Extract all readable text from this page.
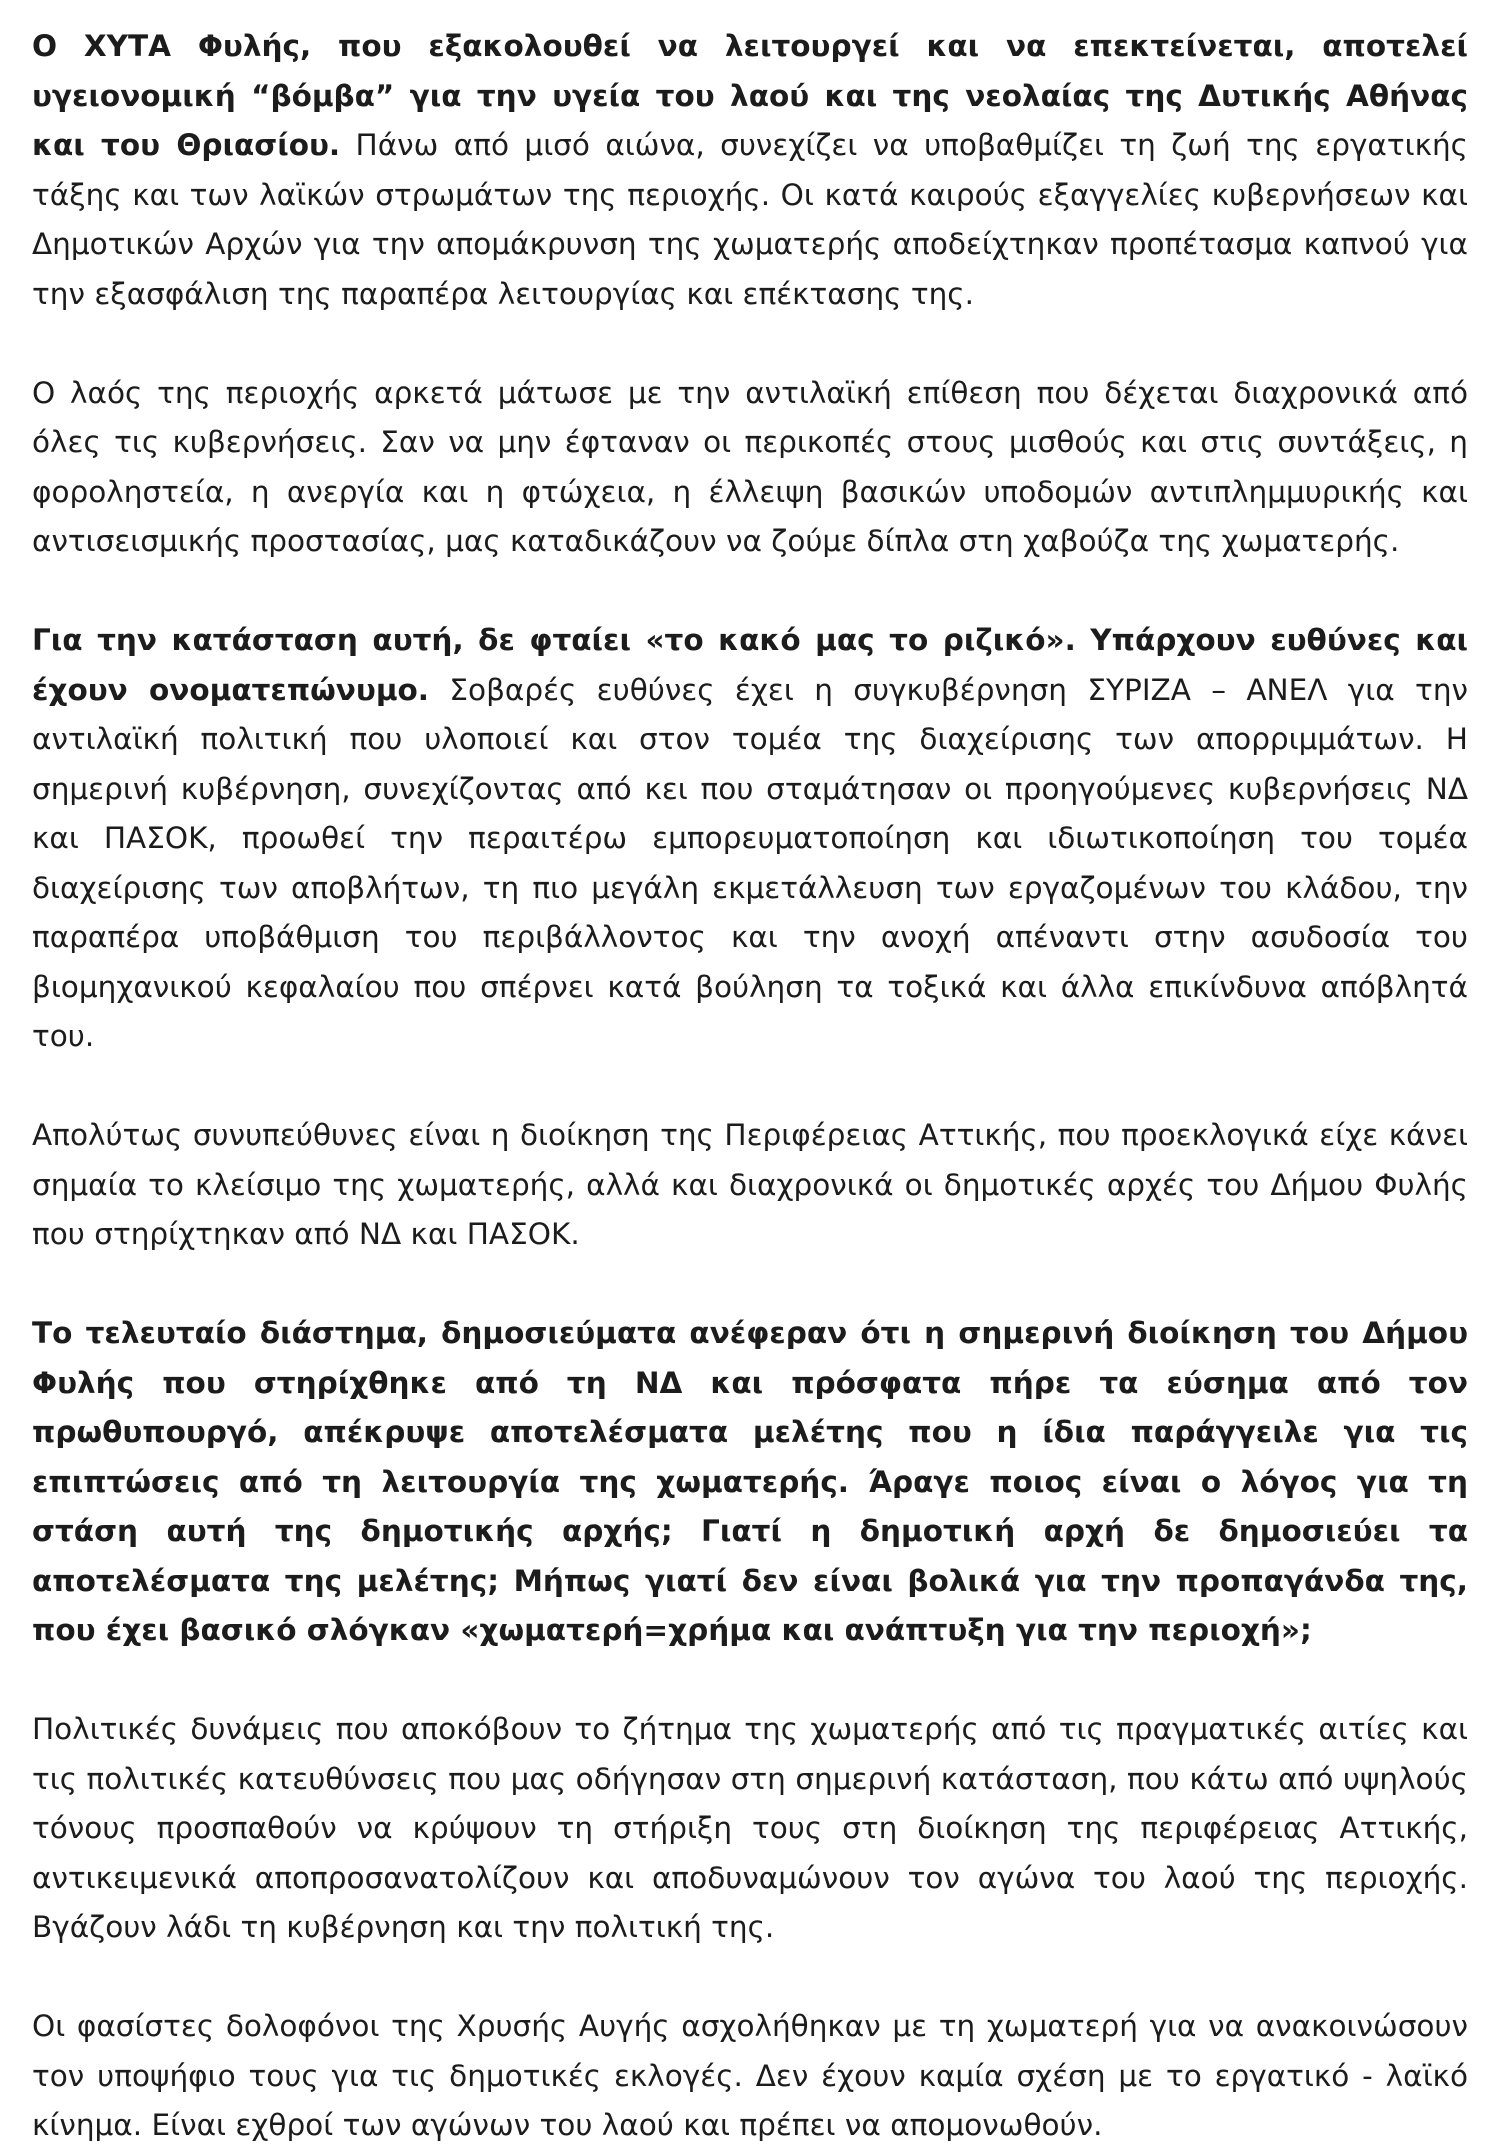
Ο ΧΥΤΑ Φυλής, που εξακολουθεί να λειτουργεί και να επεκτείνεται, αποτελεί υγειονομική “βόμβα” για την υγεία του λαού και της νεολαίας της Δυτικής Αθήνας και του Θριασίου. Πάνω από μισό αιώνα, συνεχίζει να υποβαθμίζει τη ζωή της εργατικής τάξης και των λαϊκών στρωμάτων της περιοχής. Οι κατά καιρούς εξαγγελίες κυβερνήσεων και Δημοτικών Αρχών για την απομάκρυνση της χωματερής αποδείχτηκαν προπέτασμα καπνού για την εξασφάλιση της παραπέρα λειτουργίας και επέκτασης της.

Ο λαός της περιοχής αρκετά μάτωσε με την αντιλαϊκή επίθεση που δέχεται διαχρονικά από όλες τις κυβερνήσεις. Σαν να μην έφταναν οι περικοπές στους μισθούς και στις συντάξεις, η φοροληστεία, η ανεργία και η φτώχεια, η έλλειψη βασικών υποδομών αντιπλημμυρικής και αντισεισμικής προστασίας, μας καταδικάζουν να ζούμε δίπλα στη χαβούζα της χωματερής.

Για την κατάσταση αυτή, δε φταίει «το κακό μας το ριζικό». Υπάρχουν ευθύνες και έχουν ονοματεπώνυμο. Σοβαρές ευθύνες έχει η συγκυβέρνηση ΣΥΡΙΖΑ – ΑΝΕΛ για την αντιλαϊκή πολιτική που υλοποιεί και στον τομέα της διαχείρισης των απορριμμάτων. Η σημερινή κυβέρνηση, συνεχίζοντας από κει που σταμάτησαν οι προηγούμενες κυβερνήσεις ΝΔ και ΠΑΣΟΚ, προωθεί την περαιτέρω εμπορευματοποίηση και ιδιωτικοποίηση του τομέα διαχείρισης των αποβλήτων, τη πιο μεγάλη εκμετάλλευση των εργαζομένων του κλάδου, την παραπέρα υποβάθμιση του περιβάλλοντος και την ανοχή απέναντι στην ασυδοσία του βιομηχανικού κεφαλαίου που σπέρνει κατά βούληση τα τοξικά και άλλα επικίνδυνα απόβλητά του.

Απολύτως συνυπεύθυνες είναι η διοίκηση της Περιφέρειας Αττικής, που προεκλογικά είχε κάνει σημαία το κλείσιμο της χωματερής, αλλά και διαχρονικά οι δημοτικές αρχές του Δήμου Φυλής που στηρίχτηκαν από ΝΔ και ΠΑΣΟΚ.

Το τελευταίο διάστημα, δημοσιεύματα ανέφεραν ότι η σημερινή διοίκηση του Δήμου Φυλής που στηρίχθηκε από τη ΝΔ και πρόσφατα πήρε τα εύσημα από τον πρωθυπουργό, απέκρυψε αποτελέσματα μελέτης που η ίδια παράγγειλε για τις επιπτώσεις από τη λειτουργία της χωματερής. Άραγε ποιος είναι ο λόγος για τη στάση αυτή της δημοτικής αρχής; Γιατί η δημοτική αρχή δε δημοσιεύει τα αποτελέσματα της μελέτης; Μήπως γιατί δεν είναι βολικά για την προπαγάνδα της, που έχει βασικό σλόγκαν «χωματερή=χρήμα και ανάπτυξη για την περιοχή»;

Πολιτικές δυνάμεις που αποκόβουν το ζήτημα της χωματερής από τις πραγματικές αιτίες και τις πολιτικές κατευθύνσεις που μας οδήγησαν στη σημερινή κατάσταση, που κάτω από υψηλούς τόνους προσπαθούν να κρύψουν τη στήριξη τους στη διοίκηση της περιφέρειας Αττικής, αντικειμενικά αποπροσανατολίζουν και αποδυναμώνουν τον αγώνα του λαού της περιοχής. Βγάζουν λάδι τη κυβέρνηση και την πολιτική της.

Οι φασίστες δολοφόνοι της Χρυσής Αυγής ασχολήθηκαν με τη χωματερή για να ανακοινώσουν τον υποψήφιο τους για τις δημοτικές εκλογές. Δεν έχουν καμία σχέση με το εργατικό - λαϊκό κίνημα. Είναι εχθροί των αγώνων του λαού και πρέπει να απομονωθούν.
